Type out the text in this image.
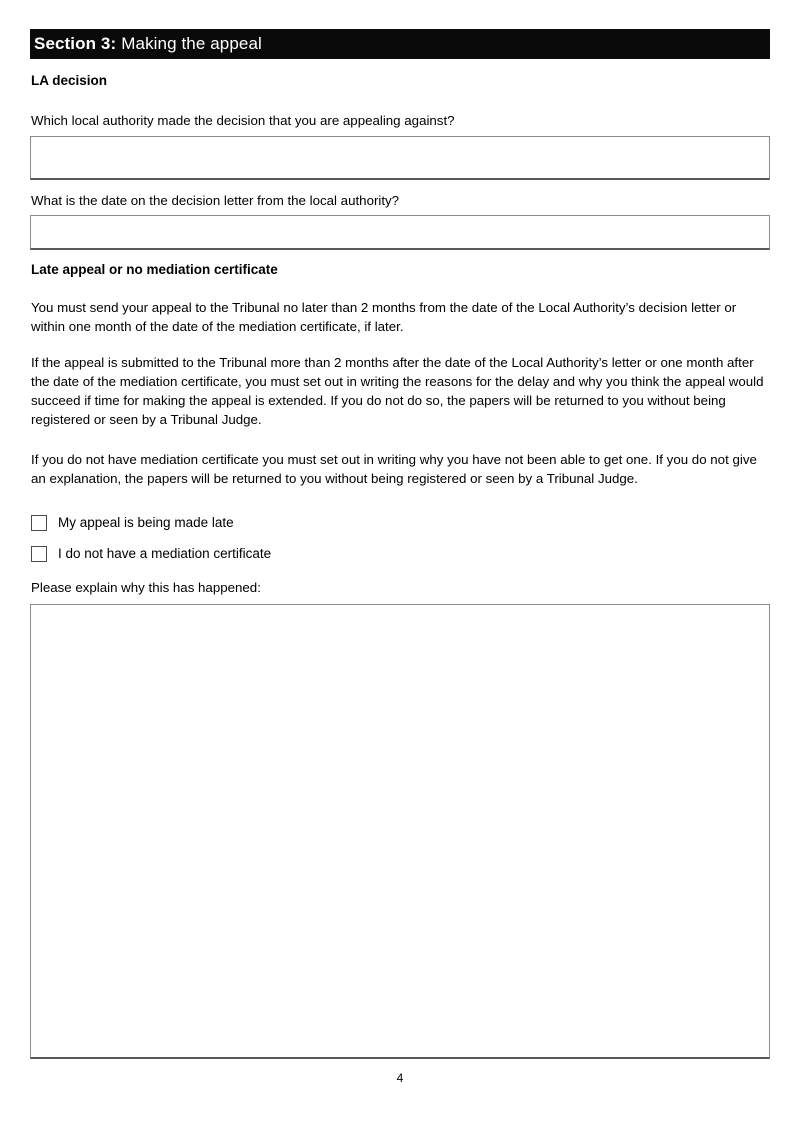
Section 3: Making the appeal
LA decision
Which local authority made the decision that you are appealing against?
What is the date on the decision letter from the local authority?
Late appeal or no mediation certificate
You must send your appeal to the Tribunal no later than 2 months from the date of the Local Authority’s decision letter or within one month of the date of the mediation certificate, if later.
If the appeal is submitted to the Tribunal more than 2 months after the date of the Local Authority’s letter or one month after the date of the mediation certificate, you must set out in writing the reasons for the delay and why you think the appeal would succeed if time for making the appeal is extended. If you do not do so, the papers will be returned to you without being registered or seen by a Tribunal Judge.
If you do not have mediation certificate you must set out in writing why you have not been able to get one. If you do not give an explanation, the papers will be returned to you without being registered or seen by a Tribunal Judge.
My appeal is being made late
I do not have a mediation certificate
Please explain why this has happened:
4
